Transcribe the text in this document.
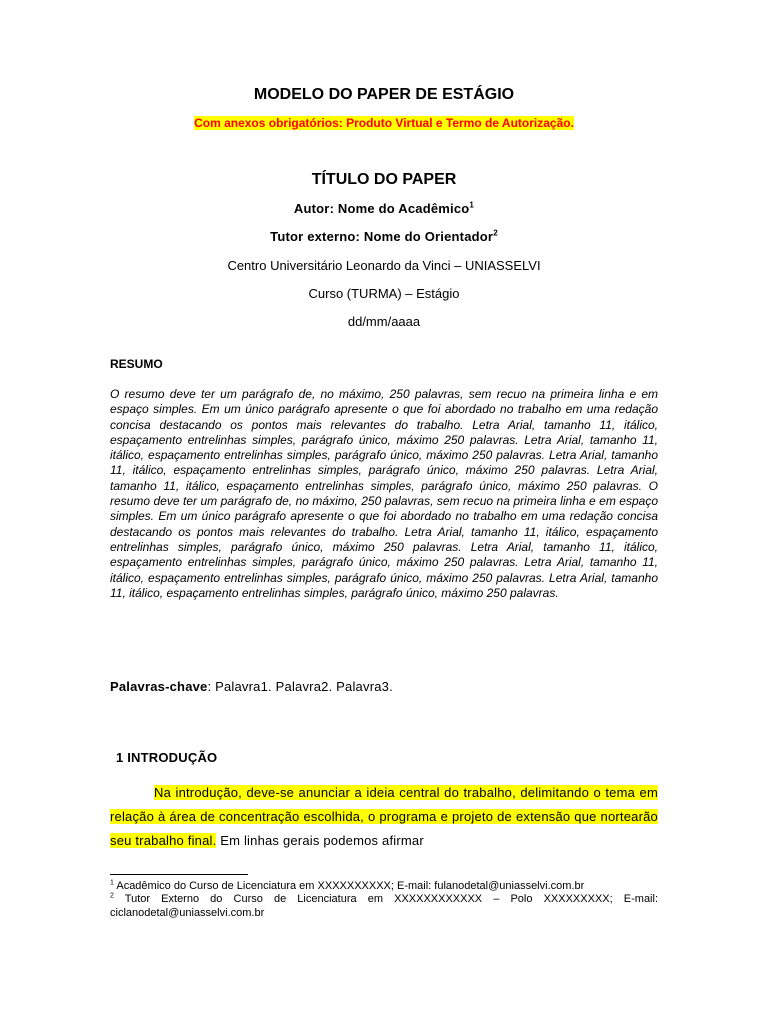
MODELO DO PAPER DE ESTÁGIO
Com anexos obrigatórios: Produto Virtual e Termo de Autorização.
TÍTULO DO PAPER
Autor: Nome do Acadêmico$^1$
Tutor externo: Nome do Orientador$^2$
Centro Universitário Leonardo da Vinci – UNIASSELVI
Curso (TURMA) – Estágio
dd/mm/aaaa
RESUMO
O resumo deve ter um parágrafo de, no máximo, 250 palavras, sem recuo na primeira linha e em espaço simples. Em um único parágrafo apresente o que foi abordado no trabalho em uma redação concisa destacando os pontos mais relevantes do trabalho. Letra Arial, tamanho 11, itálico, espaçamento entrelinhas simples, parágrafo único, máximo 250 palavras. Letra Arial, tamanho 11, itálico, espaçamento entrelinhas simples, parágrafo único, máximo 250 palavras. Letra Arial, tamanho 11, itálico, espaçamento entrelinhas simples, parágrafo único, máximo 250 palavras. Letra Arial, tamanho 11, itálico, espaçamento entrelinhas simples, parágrafo único, máximo 250 palavras. O resumo deve ter um parágrafo de, no máximo, 250 palavras, sem recuo na primeira linha e em espaço simples. Em um único parágrafo apresente o que foi abordado no trabalho em uma redação concisa destacando os pontos mais relevantes do trabalho. Letra Arial, tamanho 11, itálico, espaçamento entrelinhas simples, parágrafo único, máximo 250 palavras. Letra Arial, tamanho 11, itálico, espaçamento entrelinhas simples, parágrafo único, máximo 250 palavras. Letra Arial, tamanho 11, itálico, espaçamento entrelinhas simples, parágrafo único, máximo 250 palavras. Letra Arial, tamanho 11, itálico, espaçamento entrelinhas simples, parágrafo único, máximo 250 palavras.
Palavras-chave: Palavra1. Palavra2. Palavra3.
1 INTRODUÇÃO
Na introdução, deve-se anunciar a ideia central do trabalho, delimitando o tema em relação à área de concentração escolhida, o programa e projeto de extensão que nortearão seu trabalho final. Em linhas gerais podemos afirmar

$^1$ Acadêmico do Curso de Licenciatura em XXXXXXXXXX; E-mail: fulanodetal@uniasselvi.com.br

$^2$ Tutor Externo do Curso de Licenciatura em XXXXXXXXXXXX – Polo XXXXXXXXX; E-mail: ciclanodetal@uniasselvi.com.br
